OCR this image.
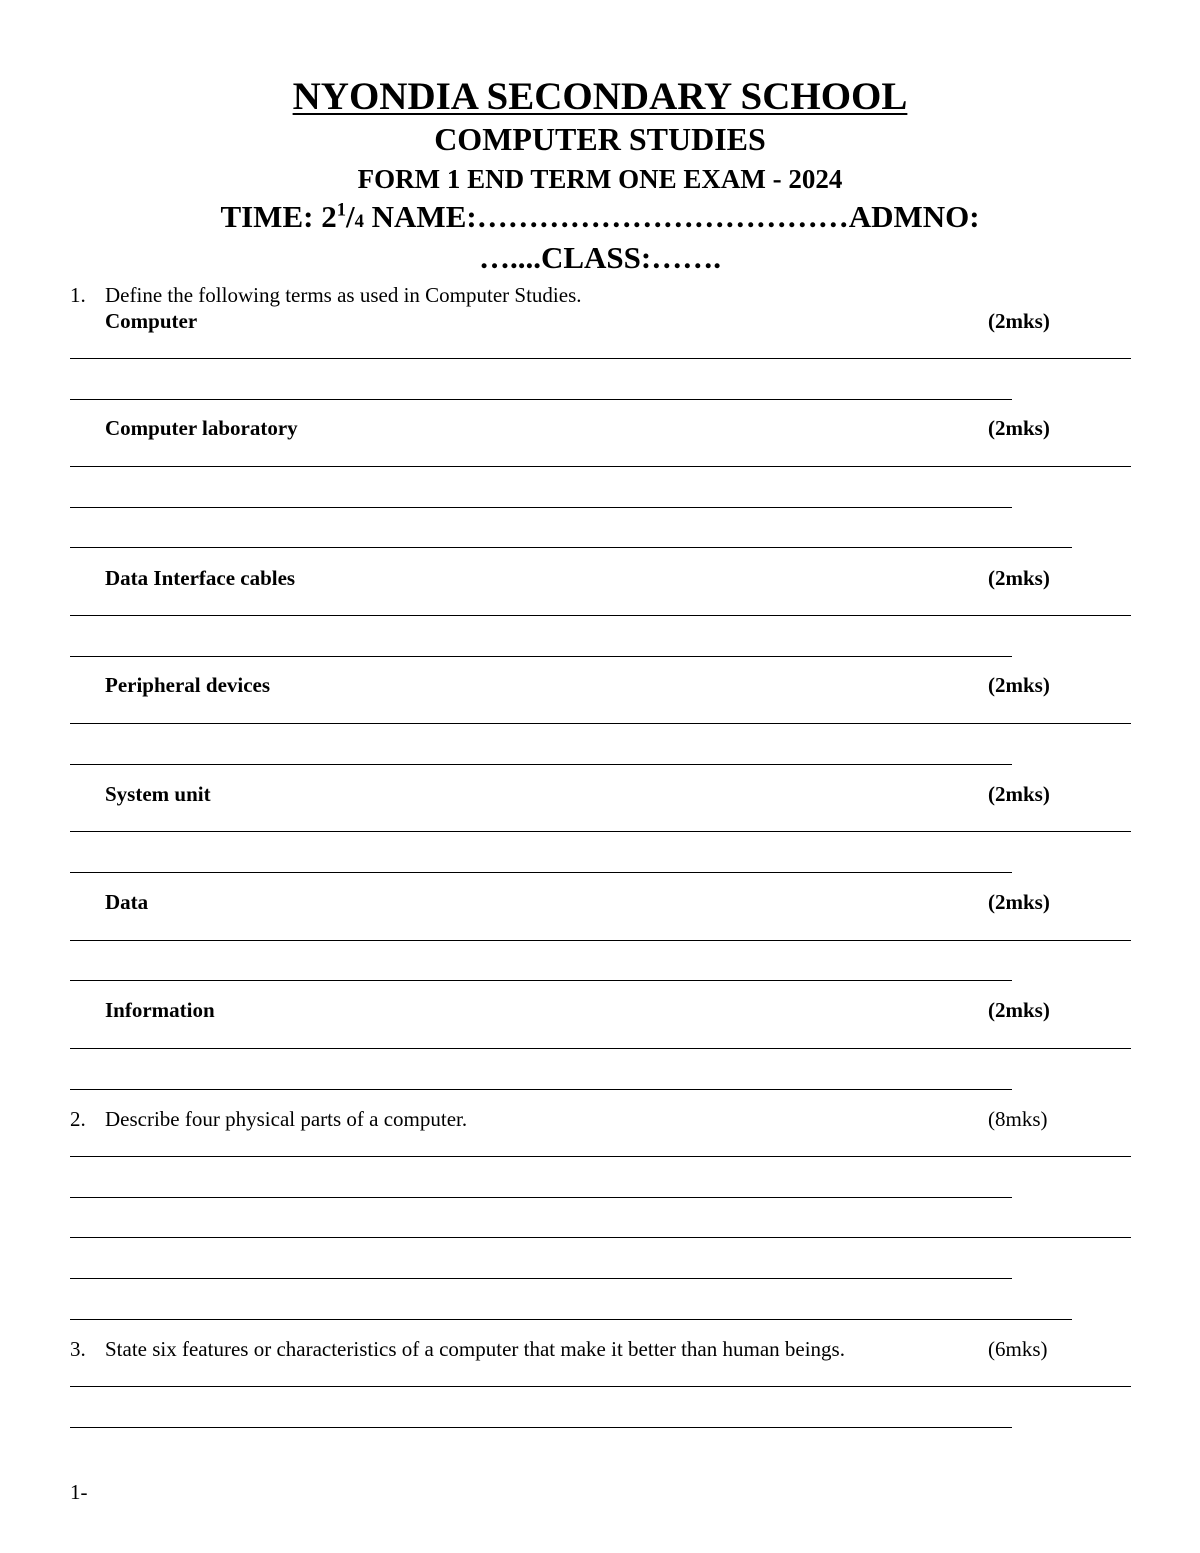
NYONDIA SECONDARY SCHOOL
COMPUTER STUDIES
FORM 1 END TERM ONE EXAM - 2024
TIME: $2^1/4$ NAME:………………………………ADMNO:
…....CLASS:…….
1. Define the following terms as used in Computer Studies.
Computer	(2mks)
Computer laboratory	(2mks)
Data Interface cables	(2mks)
Peripheral devices	(2mks)
System unit	(2mks)
Data	(2mks)
Information	(2mks)
2. Describe four physical parts of a computer.	(8mks)
3. State six features or characteristics of a computer that make it better than human beings.	(6mks)
1-
